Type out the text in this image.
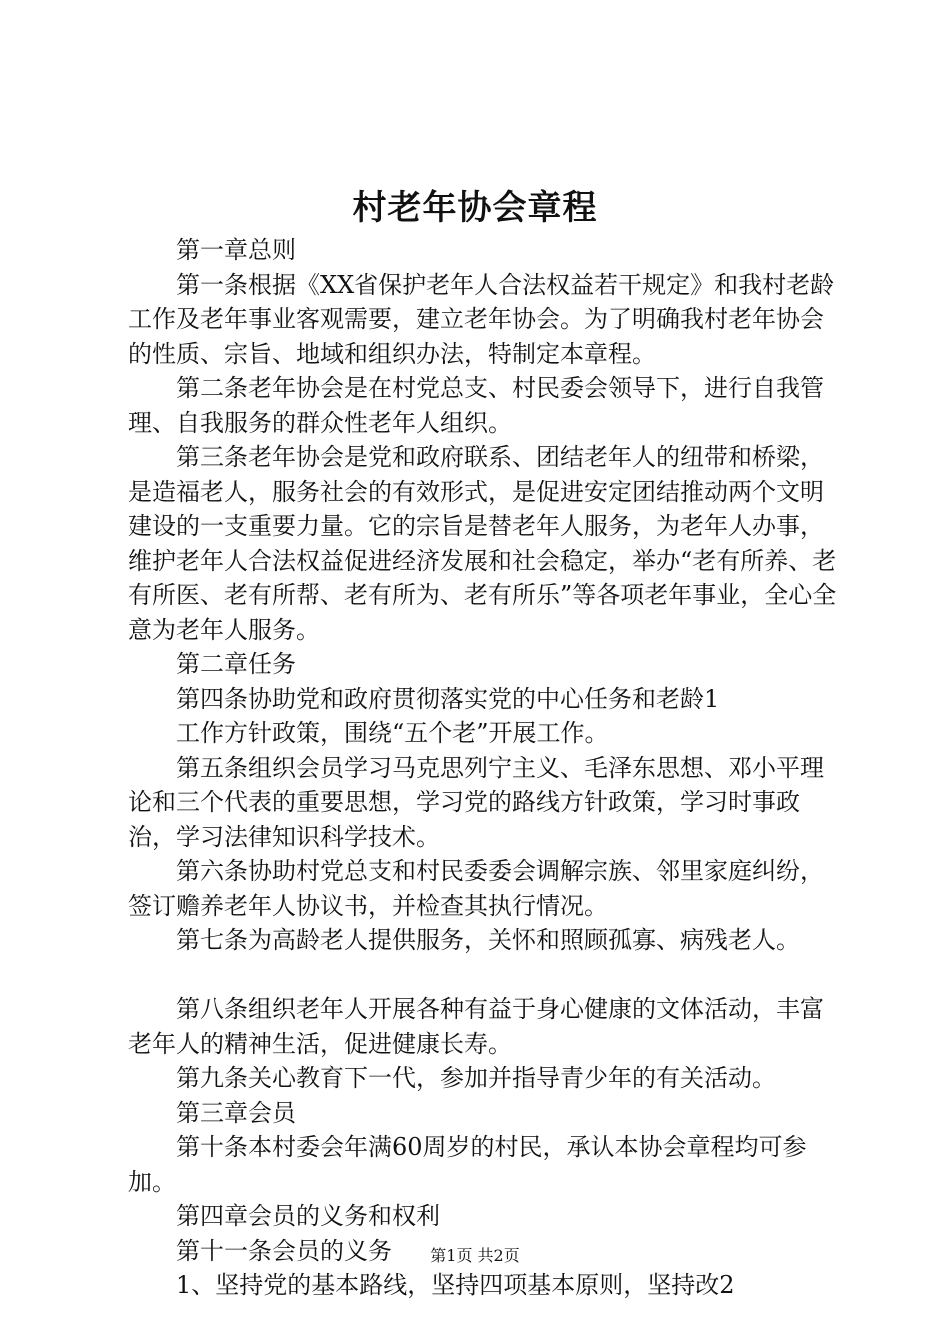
村老年协会章程

第一章总则

第一条根据《XX省保护老年人合法权益若干规定》和我村老龄工作及老年事业客观需要，建立老年协会。为了明确我村老年协会的性质、宗旨、地域和组织办法，特制定本章程。

第二条老年协会是在村党总支、村民委会领导下，进行自我管理、自我服务的群众性老年人组织。

第三条老年协会是党和政府联系、团结老年人的纽带和桥梁，是造福老人，服务社会的有效形式，是促进安定团结推动两个文明建设的一支重要力量。它的宗旨是替老年人服务，为老年人办事，维护老年人合法权益促进经济发展和社会稳定，举办“老有所养、老有所医、老有所帮、老有所为、老有所乐”等各项老年事业，全心全意为老年人服务。

第二章任务

第四条协助党和政府贯彻落实党的中心任务和老龄1

工作方针政策，围绕“五个老”开展工作。

第五条组织会员学习马克思列宁主义、毛泽东思想、邓小平理论和三个代表的重要思想，学习党的路线方针政策，学习时事政治，学习法律知识科学技术。

第六条协助村党总支和村民委委会调解宗族、邻里家庭纠纷，签订赡养老年人协议书，并检查其执行情况。

第七条为高龄老人提供服务，关怀和照顾孤寡、病残老人。

第八条组织老年人开展各种有益于身心健康的文体活动，丰富老年人的精神生活，促进健康长寿。

第九条关心教育下一代，参加并指导青少年的有关活动。

第三章会员

第十条本村委会年满60周岁的村民，承认本协会章程均可参加。

第四章会员的义务和权利

第十一条会员的义务

1、坚持党的基本路线，坚持四项基本原则，坚持改2

第1页 共2页
